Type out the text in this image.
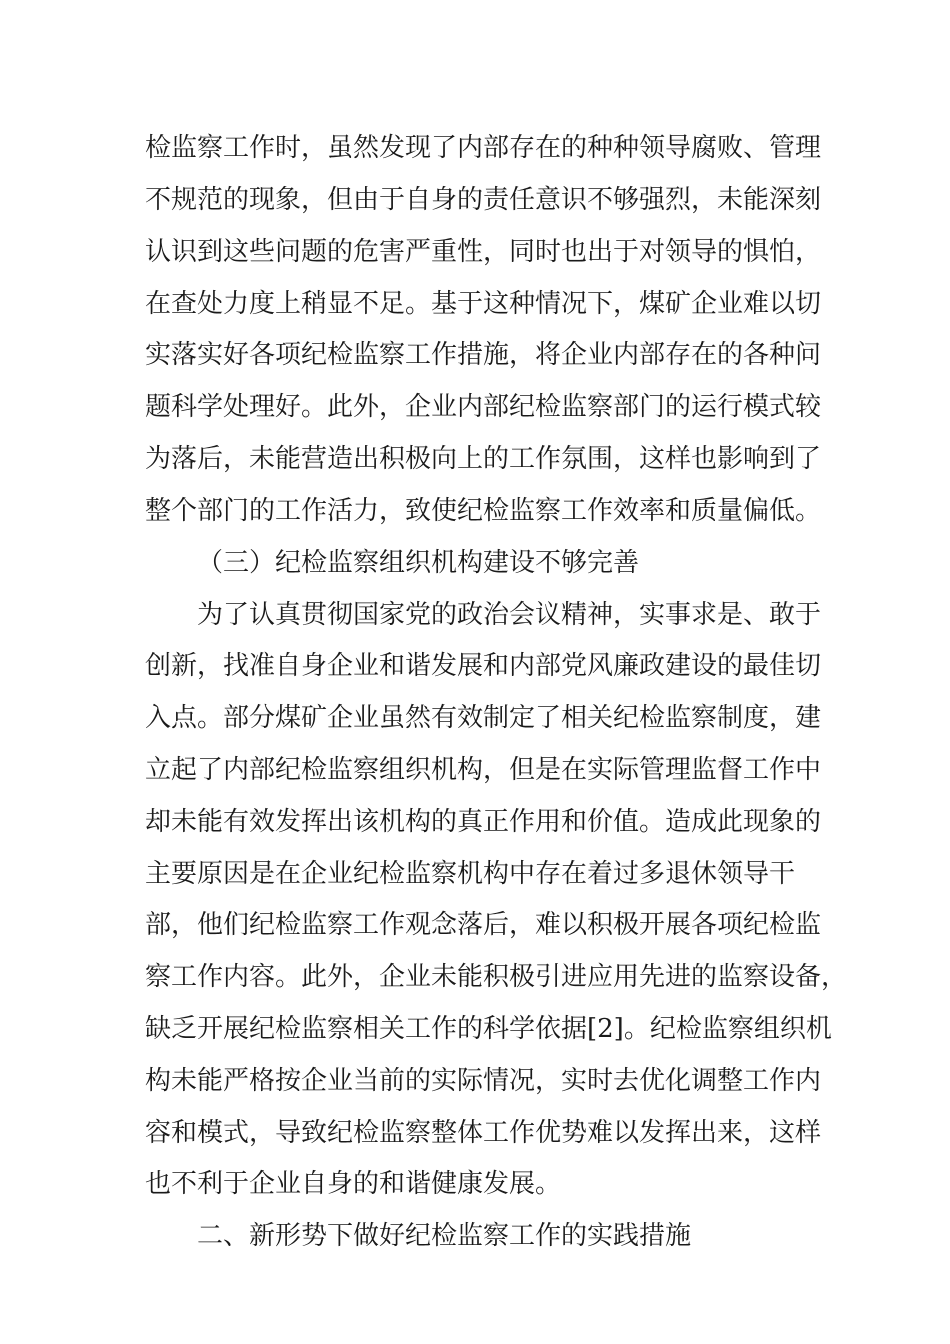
检监察工作时，虽然发现了内部存在的种种领导腐败、管理
不规范的现象，但由于自身的责任意识不够强烈，未能深刻
认识到这些问题的危害严重性，同时也出于对领导的惧怕，
在查处力度上稍显不足。基于这种情况下，煤矿企业难以切
实落实好各项纪检监察工作措施，将企业内部存在的各种问
题科学处理好。此外，企业内部纪检监察部门的运行模式较
为落后，未能营造出积极向上的工作氛围，这样也影响到了
整个部门的工作活力，致使纪检监察工作效率和质量偏低。
（三）纪检监察组织机构建设不够完善
为了认真贯彻国家党的政治会议精神，实事求是、敢于
创新，找准自身企业和谐发展和内部党风廉政建设的最佳切
入点。部分煤矿企业虽然有效制定了相关纪检监察制度，建
立起了内部纪检监察组织机构，但是在实际管理监督工作中
却未能有效发挥出该机构的真正作用和价值。造成此现象的
主要原因是在企业纪检监察机构中存在着过多退休领导干
部，他们纪检监察工作观念落后，难以积极开展各项纪检监
察工作内容。此外，企业未能积极引进应用先进的监察设备，
缺乏开展纪检监察相关工作的科学依据[2]。纪检监察组织机
构未能严格按企业当前的实际情况，实时去优化调整工作内
容和模式，导致纪检监察整体工作优势难以发挥出来，这样
也不利于企业自身的和谐健康发展。
二、新形势下做好纪检监察工作的实践措施
